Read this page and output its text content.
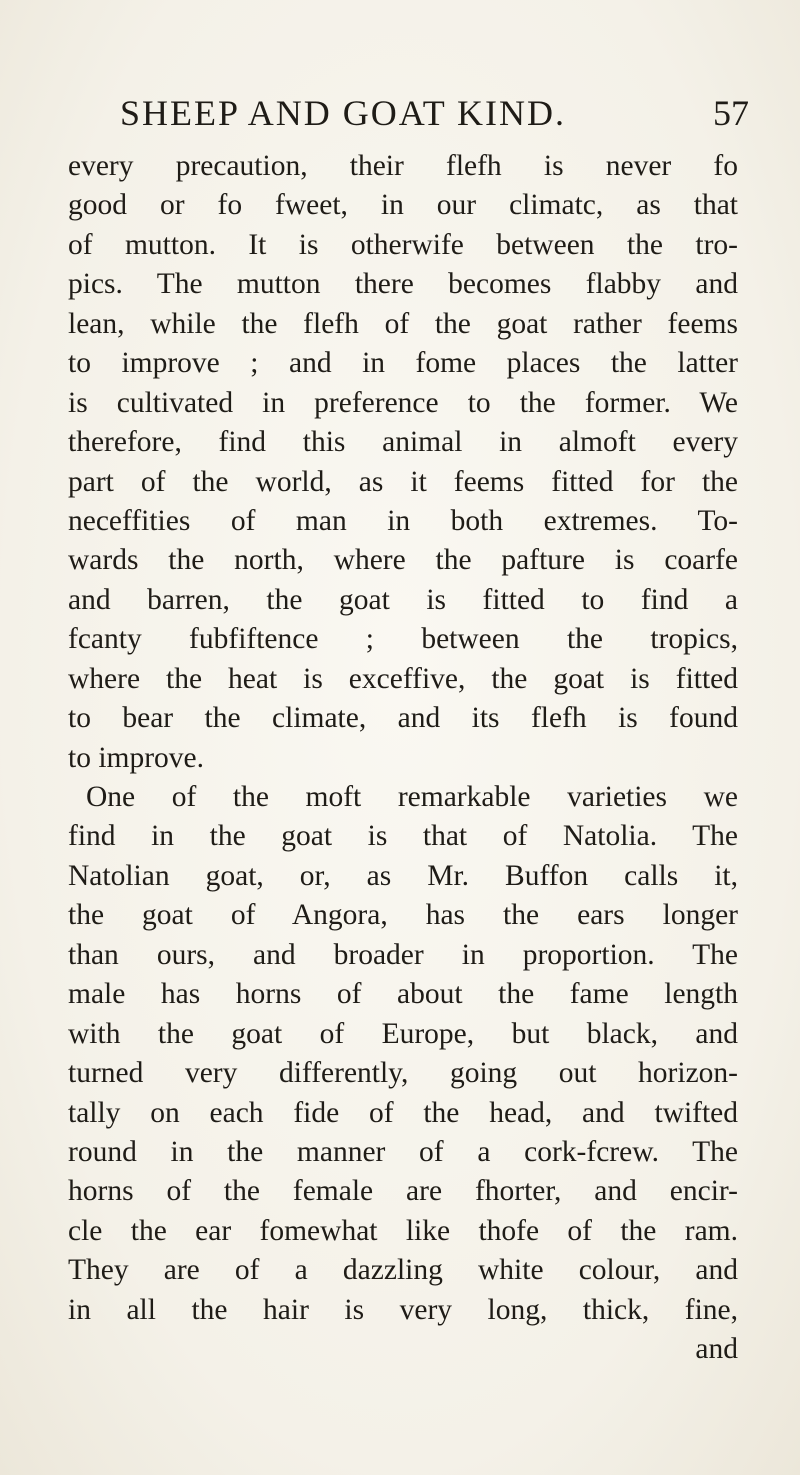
SHEEP AND GOAT KIND.	57
every precaution, their flefh is never fo
good or fo fweet, in our climatc, as that
of mutton. It is otherwife between the tro-
pics. The mutton there becomes flabby and
lean, while the flefh of the goat rather feems
to improve ; and in fome places the latter
is cultivated in preference to the former. We
therefore, find this animal in almoft every
part of the world, as it feems fitted for the
neceffities of man in both extremes. To-
wards the north, where the pafture is coarfe
and barren, the goat is fitted to find a
fcanty fubfiftence ; between the tropics,
where the heat is exceffive, the goat is fitted
to bear the climate, and its flefh is found
to improve.
One of the moft remarkable varieties we
find in the goat is that of Natolia. The
Natolian goat, or, as Mr. Buffon calls it,
the goat of Angora, has the ears longer
than ours, and broader in proportion. The
male has horns of about the fame length
with the goat of Europe, but black, and
turned very differently, going out horizon-
tally on each fide of the head, and twifted
round in the manner of a cork-fcrew. The
horns of the female are fhorter, and encir-
cle the ear fomewhat like thofe of the ram.
They are of a dazzling white colour, and
in all the hair is very long, thick, fine,
and
